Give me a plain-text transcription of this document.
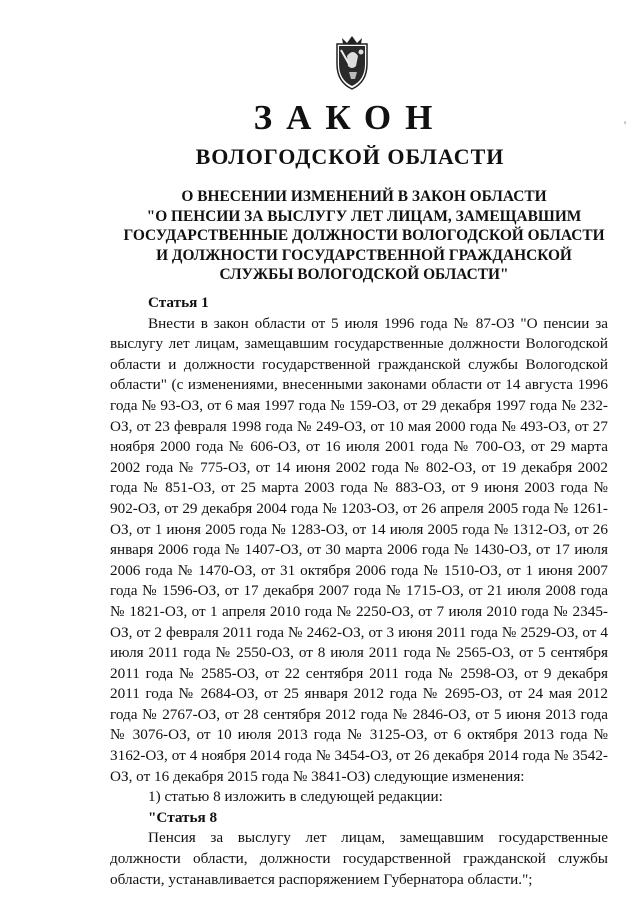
ЗАКОН
ВОЛОГОДСКОЙ ОБЛАСТИ
'
О ВНЕСЕНИИ ИЗМЕНЕНИЙ В ЗАКОН ОБЛАСТИ
"О ПЕНСИИ ЗА ВЫСЛУГУ ЛЕТ ЛИЦАМ, ЗАМЕЩАВШИМ
ГОСУДАРСТВЕННЫЕ ДОЛЖНОСТИ ВОЛОГОДСКОЙ ОБЛАСТИ
И ДОЛЖНОСТИ ГОСУДАРСТВЕННОЙ ГРАЖДАНСКОЙ
СЛУЖБЫ ВОЛОГОДСКОЙ ОБЛАСТИ"
Статья 1

Внести в закон области от 5 июля 1996 года № 87-ОЗ "О пенсии за выслугу лет лицам, замещавшим государственные должности Вологодской области и должности государственной гражданской службы Вологодской области" (с изменениями, внесенными законами области от 14 августа 1996 года № 93-ОЗ, от 6 мая 1997 года № 159-ОЗ, от 29 декабря 1997 года № 232-ОЗ, от 23 февраля 1998 года № 249-ОЗ, от 10 мая 2000 года № 493-ОЗ, от 27 ноября 2000 года № 606-ОЗ, от 16 июля 2001 года № 700-ОЗ, от 29 марта 2002 года № 775-ОЗ, от 14 июня 2002 года № 802-ОЗ, от 19 декабря 2002 года № 851-ОЗ, от 25 марта 2003 года № 883-ОЗ, от 9 июня 2003 года № 902-ОЗ, от 29 декабря 2004 года № 1203-ОЗ, от 26 апреля 2005 года № 1261-ОЗ, от 1 июня 2005 года № 1283-ОЗ, от 14 июля 2005 года № 1312-ОЗ, от 26 января 2006 года № 1407-ОЗ, от 30 марта 2006 года № 1430-ОЗ, от 17 июля 2006 года № 1470-ОЗ, от 31 октября 2006 года № 1510-ОЗ, от 1 июня 2007 года № 1596-ОЗ, от 17 декабря 2007 года № 1715-ОЗ, от 21 июля 2008 года № 1821-ОЗ, от 1 апреля 2010 года № 2250-ОЗ, от 7 июля 2010 года № 2345-ОЗ, от 2 февраля 2011 года № 2462-ОЗ, от 3 июня 2011 года № 2529-ОЗ, от 4 июля 2011 года № 2550-ОЗ, от 8 июля 2011 года № 2565-ОЗ, от 5 сентября 2011 года № 2585-ОЗ, от 22 сентября 2011 года № 2598-ОЗ, от 9 декабря 2011 года № 2684-ОЗ, от 25 января 2012 года № 2695-ОЗ, от 24 мая 2012 года № 2767-ОЗ, от 28 сентября 2012 года № 2846-ОЗ, от 5 июня 2013 года № 3076-ОЗ, от 10 июля 2013 года № 3125-ОЗ, от 6 октября 2013 года № 3162-ОЗ, от 4 ноября 2014 года № 3454-ОЗ, от 26 декабря 2014 года № 3542-ОЗ, от 16 декабря 2015 года № 3841-ОЗ) следующие изменения:

1) статью 8 изложить в следующей редакции:

"Статья 8

Пенсия за выслугу лет лицам, замещавшим государственные должности области, должности государственной гражданской службы области, устанавливается распоряжением Губернатора области.";
